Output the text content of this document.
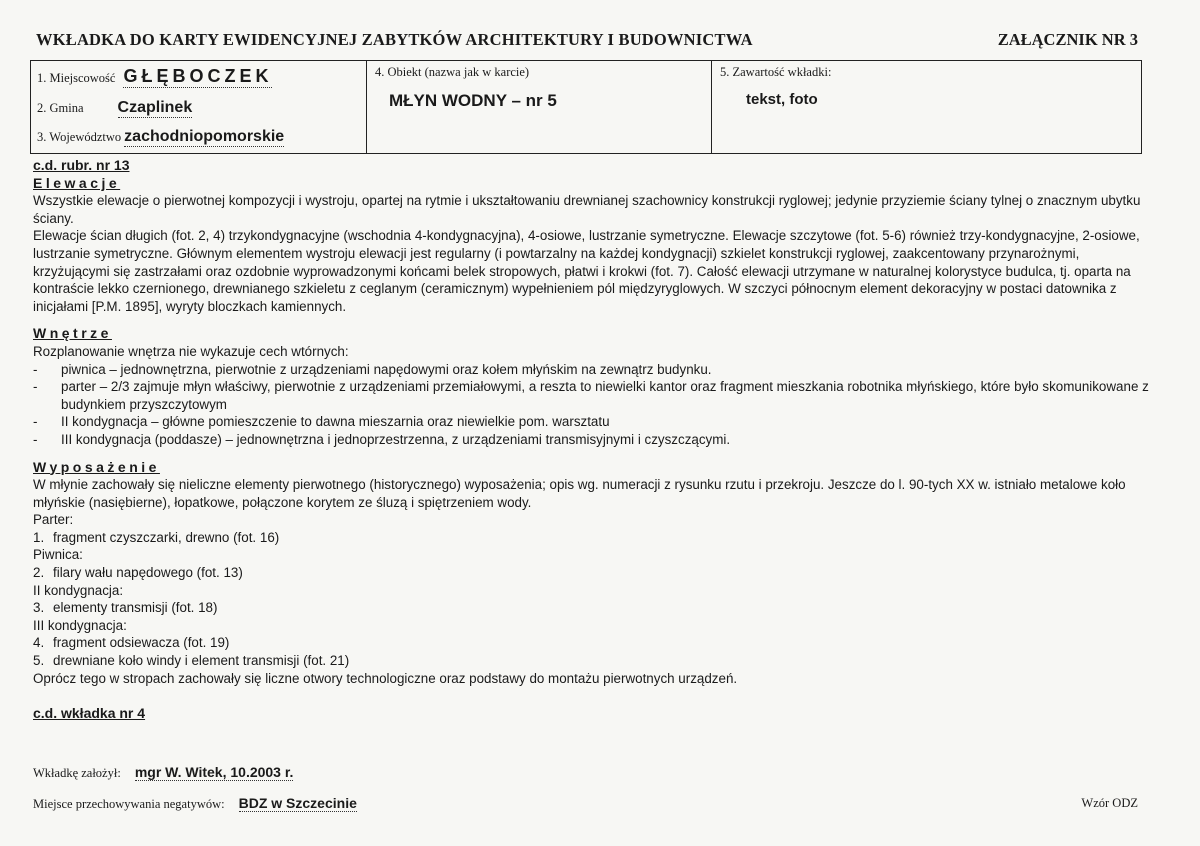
WKŁADKA DO KARTY EWIDENCYJNEJ ZABYTKÓW ARCHITEKTURY I BUDOWNICTWA	ZAŁĄCZNIK NR 3
1. Miejscowość GŁĘBOCZEK
2. Gmina Czaplinek
3. Województwo zachodniopomorskie
4. Obiekt (nazwa jak w karcie)
MŁYN WODNY – nr 5
5. Zawartość wkładki:
tekst, foto

c.d. rubr. nr 13

Elewacje

Wszystkie elewacje o pierwotnej kompozycji i wystroju, opartej na rytmie i ukształtowaniu drewnianej szachownicy konstrukcji ryglowej; jedynie przyziemie ściany tylnej o znacznym ubytku ściany.

Elewacje ścian długich (fot. 2, 4) trzykondygnacyjne (wschodnia 4-kondygnacyjna), 4-osiowe, lustrzanie symetryczne. Elewacje szczytowe (fot. 5-6) również trzy-kondygnacyjne, 2-osiowe, lustrzanie symetryczne. Głównym elementem wystroju elewacji jest regularny (i powtarzalny na każdej kondygnacji) szkielet konstrukcji ryglowej, zaakcentowany przynarożnymi, krzyżującymi się zastrzałami oraz ozdobnie wyprowadzonymi końcami belek stropowych, płatwi i krokwi (fot. 7). Całość elewacji utrzymane w naturalnej kolorystyce budulca, tj. oparta na kontraście lekko czernionego, drewnianego szkieletu z ceglanym (ceramicznym) wypełnieniem pól międzyryglowych. W szczyci północnym element dekoracyjny w postaci datownika z inicjałami [P.M. 1895], wyryty bloczkach kamiennych.

Wnętrze

Rozplanowanie wnętrza nie wykazuje cech wtórnych:

-	piwnica – jednownętrzna, pierwotnie z urządzeniami napędowymi oraz kołem młyńskim na zewnątrz budynku.
-	parter – 2/3 zajmuje młyn właściwy, pierwotnie z urządzeniami przemiałowymi, a reszta to niewielki kantor oraz fragment mieszkania robotnika młyńskiego, które było skomunikowane z budynkiem przyszczytowym
-	II kondygnacja – główne pomieszczenie to dawna mieszarnia oraz niewielkie pom. warsztatu
-	III kondygnacja (poddasze) – jednownętrzna i jednoprzestrzenna, z urządzeniami transmisyjnymi i czyszczącymi.

Wyposażenie

W młynie zachowały się nieliczne elementy pierwotnego (historycznego) wyposażenia; opis wg. numeracji z rysunku rzutu i przekroju. Jeszcze do l. 90-tych XX w. istniało metalowe koło młyńskie (nasiębierne), łopatkowe, połączone korytem ze śluzą i spiętrzeniem wody.

Parter:

1. fragment czyszczarki, drewno (fot. 16)

Piwnica:

2. filary wału napędowego (fot. 13)

II kondygnacja:

3. elementy transmisji (fot. 18)

III kondygnacja:

4. fragment odsiewacza (fot. 19)
5. drewniane koło windy i element transmisji (fot. 21)

Oprócz tego w stropach zachowały się liczne otwory technologiczne oraz podstawy do montażu pierwotnych urządzeń.

c.d. wkładka nr 4

Wkładkę założył: mgr W. Witek, 10.2003 r.
Miejsce przechowywania negatywów: BDZ w Szczecinie	Wzór ODZ
